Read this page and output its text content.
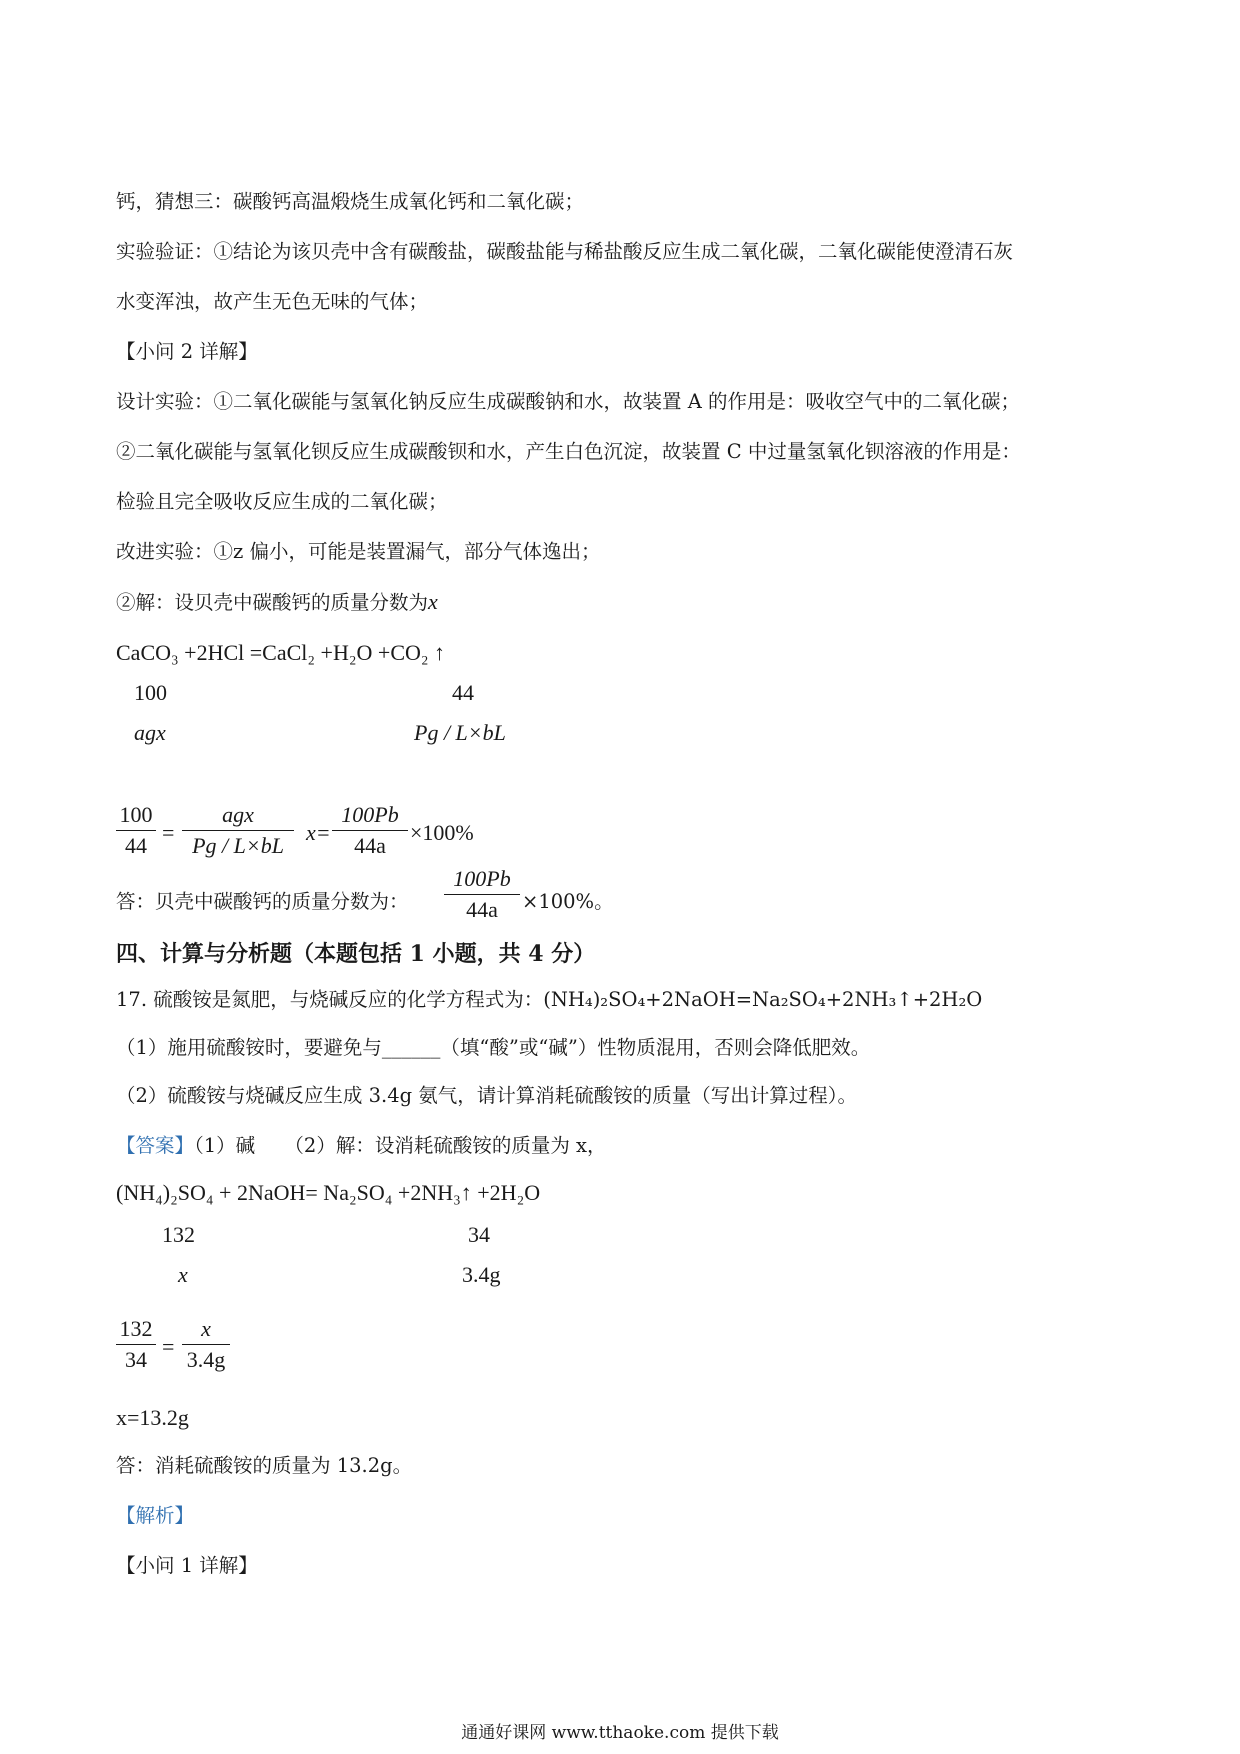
钙，猜想三：碳酸钙高温煅烧生成氧化钙和二氧化碳；
实验验证：①结论为该贝壳中含有碳酸盐，碳酸盐能与稀盐酸反应生成二氧化碳，二氧化碳能使澄清石灰
水变浑浊，故产生无色无味的气体；
【小问 2 详解】
设计实验：①二氧化碳能与氢氧化钠反应生成碳酸钠和水，故装置 A 的作用是：吸收空气中的二氧化碳；
②二氧化碳能与氢氧化钡反应生成碳酸钡和水，产生白色沉淀，故装置 C 中过量氢氧化钡溶液的作用是：
检验且完全吸收反应生成的二氧化碳；
改进实验：①z 偏小，可能是装置漏气，部分气体逸出；
②解：设贝壳中碳酸钙的质量分数为x
CaCO₃ +2HCl =CaCl₂ +H₂O +CO₂ ↑
100	44
agx	Pg / L×bL
100
44
=
agx
Pg / L×bL
x=
100Pb
44a
×100%
答：贝壳中碳酸钙的质量分数为：
100Pb
44a	×100%。
四、计算与分析题（本题包括 1 小题，共 4 分）
17. 硫酸铵是氮肥，与烧碱反应的化学方程式为：(NH₄)₂SO₄+2NaOH=Na₂SO₄+2NH₃↑+2H₂O
（1）施用硫酸铵时，要避免与______（填“酸”或“碱”）性物质混用，否则会降低肥效。
（2）硫酸铵与烧碱反应生成 3.4g 氨气，请计算消耗硫酸铵的质量（写出计算过程）。
【答案】（1）碱　　（2）解：设消耗硫酸铵的质量为 x，
(NH₄)₂SO₄ + 2NaOH= Na₂SO₄ +2NH₃↑ +2H₂O
132	34
x	3.4g
132
34
=
x
3.4g
x=13.2g
答：消耗硫酸铵的质量为 13.2g。
【解析】
【小问 1 详解】
通通好课网 www.tthaoke.com 提供下载
